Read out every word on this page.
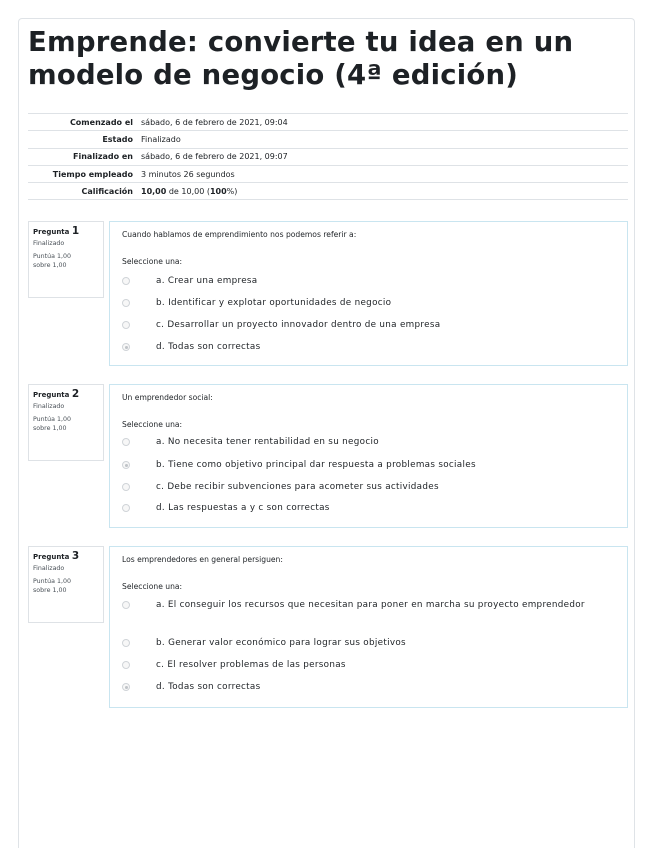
Emprende: convierte tu idea en un modelo de negocio (4ª edición)
Comenzado el	sábado, 6 de febrero de 2021, 09:04
Estado	Finalizado
Finalizado en	sábado, 6 de febrero de 2021, 09:07
Tiempo empleado	3 minutos 26 segundos
Calificación	10,00 de 10,00 (100%)
Pregunta 1
Finalizado
Puntúa 1,00
sobre 1,00
Cuando hablamos de emprendimiento nos podemos referir a:
Seleccione una:
a. Crear una empresa
b. Identificar y explotar oportunidades de negocio
c. Desarrollar un proyecto innovador dentro de una empresa
d. Todas son correctas
Pregunta 2
Finalizado
Puntúa 1,00
sobre 1,00
Un emprendedor social:
Seleccione una:
a. No necesita tener rentabilidad en su negocio
b. Tiene como objetivo principal dar respuesta a problemas sociales
c. Debe recibir subvenciones para acometer sus actividades
d. Las respuestas a y c son correctas
Pregunta 3
Finalizado
Puntúa 1,00
sobre 1,00
Los emprendedores en general persiguen:
Seleccione una:
a. El conseguir los recursos que necesitan para poner en marcha su proyecto emprendedor
b. Generar valor económico para lograr sus objetivos
c. El resolver problemas de las personas
d. Todas son correctas
